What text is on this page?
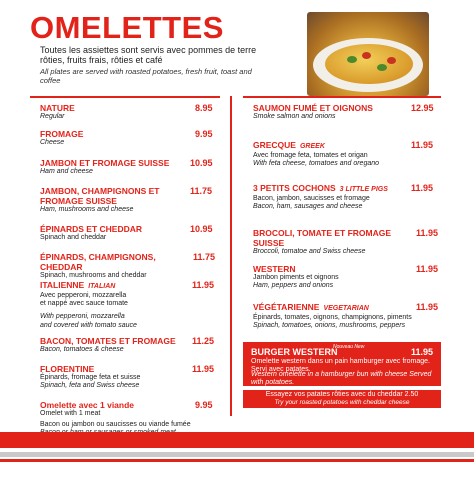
OMELETTES
Toutes les assiettes sont servis avec pommes de terre rôties, fruits frais, rôties et café
All plates are served with roasted potatoes, fresh fruit, toast and coffee
NATURE	8.95
Regular
FROMAGE	9.95
Cheese
JAMBON ET FROMAGE SUISSE	10.95
Ham and cheese
JAMBON, CHAMPIGNONS ET FROMAGE SUISSE
11.75
Ham, mushrooms and cheese
ÉPINARDS ET CHEDDAR	10.95
Spinach and cheddar
ÉPINARDS, CHAMPIGNONS, CHEDDAR
11.75
Spinach, mushrooms and cheddar
ITALIENNE ITALIAN	11.95
Avec pepperoni, mozzarella
et nappé avec sauce tomate
With pepperoni, mozzarella
and covered with tomato sauce
BACON, TOMATES ET FROMAGE	11.25
Bacon, tomatoes & cheese
FLORENTINE	11.95
Épinards, fromage feta et suisse
Spinach, feta and Swiss cheese
Omelette avec 1 viande	9.95
Omelet with 1 meat
Bacon ou jambon ou saucisses ou viande fumée
SAUMON FUMÉ ET OIGNONS	12.95
Smoke salmon and onions
GRECQUE GREEK	11.95
Avec fromage feta, tomates et origan
With feta cheese, tomatoes and oregano
3 PETITS COCHONS 3 LITTLE PIGS	11.95
Bacon, jambon, saucisses et fromage
Bacon, ham, sausages and cheese
BROCOLI, TOMATE ET FROMAGE SUISSE
11.95
Broccoli, tomatoe and Swiss cheese
WESTERN	11.95
Jambon piments et oignons
Ham, peppers and onions
VÉGÉTARIENNE VEGETARIAN	11.95
Épinards, tomates, oignons, champignons, piments
Spinach, tomatoes, onions, mushrooms, peppers
BURGER WESTERN
Nouveau New	11.95
Omelette western dans un pain hamburger avec fromage. Servi avec patates.
Western omelette in a hamburger bun with cheese Served with potatoes.
Essayez vos patates rôties avec du cheddar 2.50
Try your roasted potatoes with cheddar cheese
